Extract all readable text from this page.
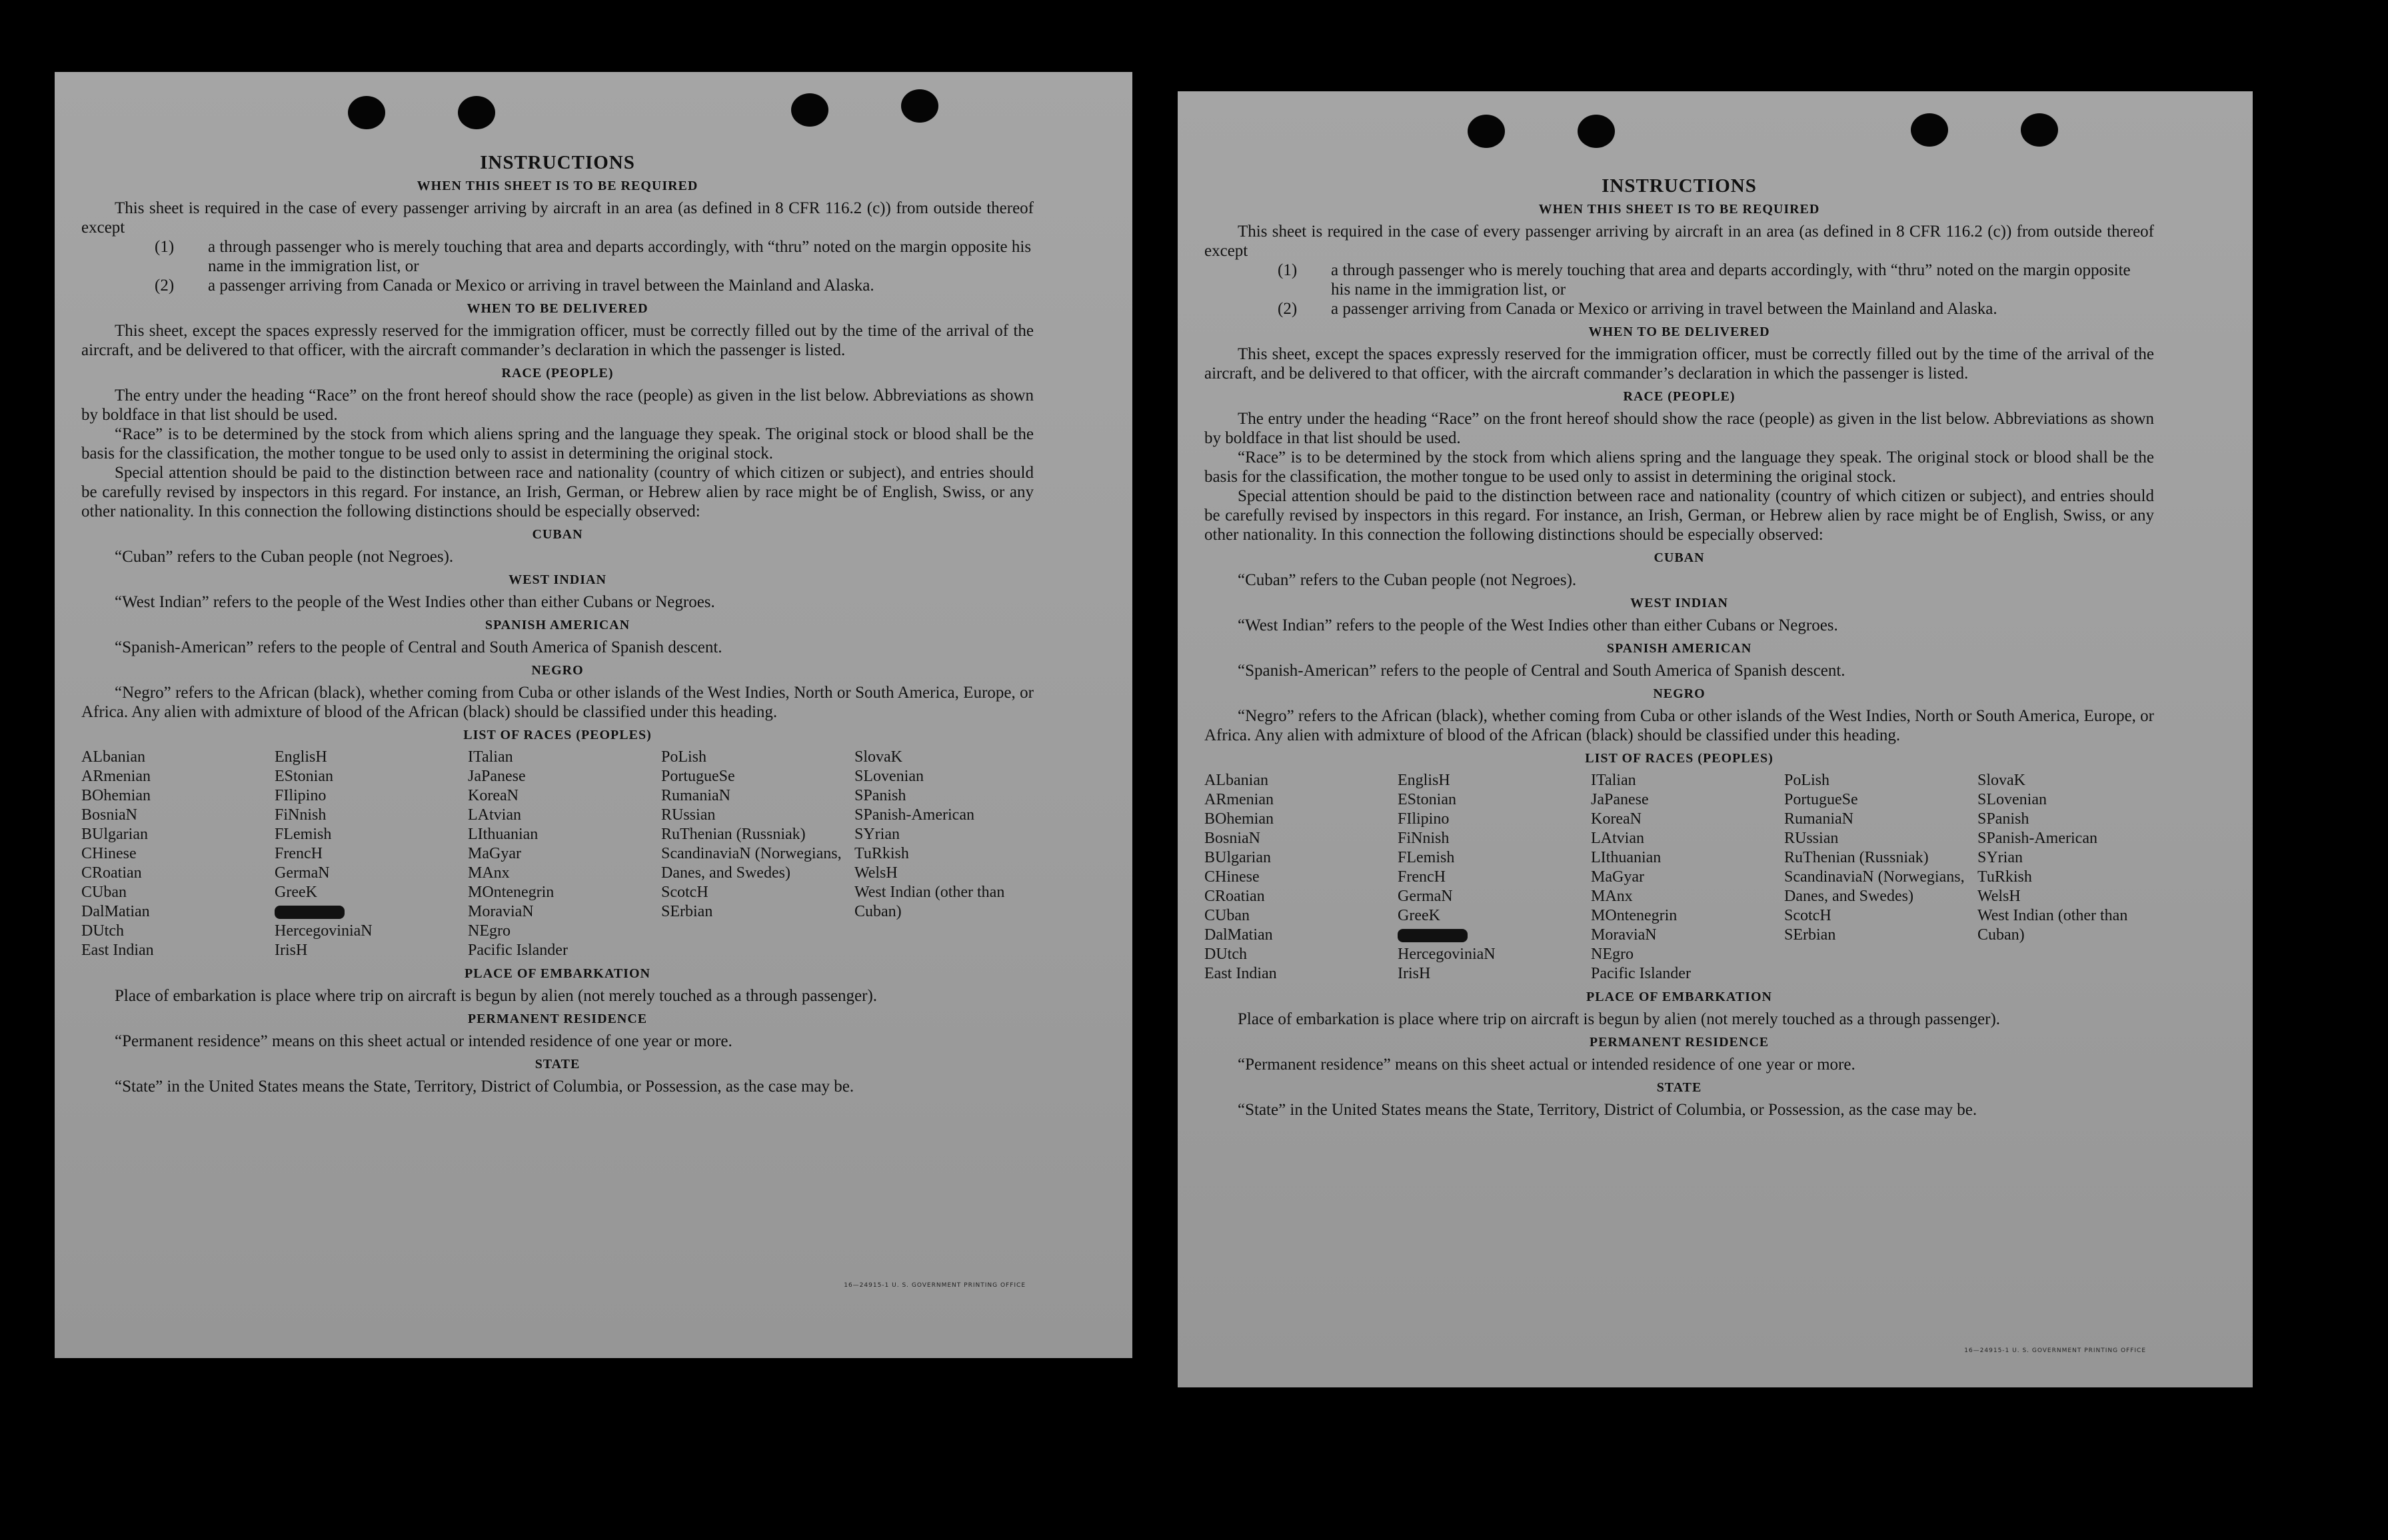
INSTRUCTIONS
WHEN THIS SHEET IS TO BE REQUIRED

This sheet is required in the case of every passenger arriving by aircraft in an area (as defined in 8 CFR 116.2 (c)) from outside thereof except

(1) a through passenger who is merely touching that area and departs accordingly, with “thru” noted on the margin opposite his name in the immigration list, or

(2) a passenger arriving from Canada or Mexico or arriving in travel between the Mainland and Alaska.

WHEN TO BE DELIVERED

This sheet, except the spaces expressly reserved for the immigration officer, must be correctly filled out by the time of the arrival of the aircraft, and be delivered to that officer, with the aircraft commander’s declaration in which the passenger is listed.

RACE (PEOPLE)

The entry under the heading “Race” on the front hereof should show the race (people) as given in the list below. Abbreviations as shown by boldface in that list should be used.

“Race” is to be determined by the stock from which aliens spring and the language they speak. The original stock or blood shall be the basis for the classification, the mother tongue to be used only to assist in determining the original stock.

Special attention should be paid to the distinction between race and nationality (country of which citizen or subject), and entries should be carefully revised by inspectors in this regard. For instance, an Irish, German, or Hebrew alien by race might be of English, Swiss, or any other nationality. In this connection the following distinctions should be especially observed:

CUBAN

“Cuban” refers to the Cuban people (not Negroes).

WEST INDIAN

“West Indian” refers to the people of the West Indies other than either Cubans or Negroes.

SPANISH AMERICAN

“Spanish-American” refers to the people of Central and South America of Spanish descent.

NEGRO

“Negro” refers to the African (black), whether coming from Cuba or other islands of the West Indies, North or South America, Europe, or Africa. Any alien with admixture of blood of the African (black) should be classified under this heading.

LIST OF RACES (PEOPLES)
ALbanian
ARmenian
BOhemian
BosniaN
BUlgarian
CHinese
CRoatian
CUban
DalMatian
DUtch
East Indian
EnglisH
EStonian
FIlipino
FiNnish
FLemish
FrencH
GermaN
GreeK
HercegoviniaN
IrisH
ITalian
JaPanese
KoreaN
LAtvian
LIthuanian
MaGyar
MAnx
MOntenegrin
MoraviaN
NEgro
Pacific Islander
PoLish
PortugueSe
RumaniaN
RUssian
RuThenian (Russniak)
ScandinaviaN (Norwegians, Danes, and Swedes)
ScotcH
SErbian
SlovaK
SLovenian
SPanish
SPanish-American
SYrian
TuRkish
WelsH
West Indian (other than Cuban)
PLACE OF EMBARKATION

Place of embarkation is place where trip on aircraft is begun by alien (not merely touched as a through passenger).

PERMANENT RESIDENCE

“Permanent residence” means on this sheet actual or intended residence of one year or more.

STATE

“State” in the United States means the State, Territory, District of Columbia, or Possession, as the case may be.

16—24915-1 U. S. GOVERNMENT PRINTING OFFICE
INSTRUCTIONS
WHEN THIS SHEET IS TO BE REQUIRED

This sheet is required in the case of every passenger arriving by aircraft in an area (as defined in 8 CFR 116.2 (c)) from outside thereof except

(1) a through passenger who is merely touching that area and departs accordingly, with “thru” noted on the margin opposite his name in the immigration list, or

(2) a passenger arriving from Canada or Mexico or arriving in travel between the Mainland and Alaska.

WHEN TO BE DELIVERED

This sheet, except the spaces expressly reserved for the immigration officer, must be correctly filled out by the time of the arrival of the aircraft, and be delivered to that officer, with the aircraft commander’s declaration in which the passenger is listed.

RACE (PEOPLE)

The entry under the heading “Race” on the front hereof should show the race (people) as given in the list below. Abbreviations as shown by boldface in that list should be used.

“Race” is to be determined by the stock from which aliens spring and the language they speak. The original stock or blood shall be the basis for the classification, the mother tongue to be used only to assist in determining the original stock.

Special attention should be paid to the distinction between race and nationality (country of which citizen or subject), and entries should be carefully revised by inspectors in this regard. For instance, an Irish, German, or Hebrew alien by race might be of English, Swiss, or any other nationality. In this connection the following distinctions should be especially observed:

CUBAN

“Cuban” refers to the Cuban people (not Negroes).

WEST INDIAN

“West Indian” refers to the people of the West Indies other than either Cubans or Negroes.

SPANISH AMERICAN

“Spanish-American” refers to the people of Central and South America of Spanish descent.

NEGRO

“Negro” refers to the African (black), whether coming from Cuba or other islands of the West Indies, North or South America, Europe, or Africa. Any alien with admixture of blood of the African (black) should be classified under this heading.

LIST OF RACES (PEOPLES)
ALbanian
ARmenian
BOhemian
BosniaN
BUlgarian
CHinese
CRoatian
CUban
DalMatian
DUtch
East Indian
EnglisH
EStonian
FIlipino
FiNnish
FLemish
FrencH
GermaN
GreeK
HercegoviniaN
IrisH
ITalian
JaPanese
KoreaN
LAtvian
LIthuanian
MaGyar
MAnx
MOntenegrin
MoraviaN
NEgro
Pacific Islander
PoLish
PortugueSe
RumaniaN
RUssian
RuThenian (Russniak)
ScandinaviaN (Norwegians, Danes, and Swedes)
ScotcH
SErbian
SlovaK
SLovenian
SPanish
SPanish-American
SYrian
TuRkish
WelsH
West Indian (other than Cuban)
PLACE OF EMBARKATION

Place of embarkation is place where trip on aircraft is begun by alien (not merely touched as a through passenger).

PERMANENT RESIDENCE

“Permanent residence” means on this sheet actual or intended residence of one year or more.

STATE

“State” in the United States means the State, Territory, District of Columbia, or Possession, as the case may be.

16—24915-1 U. S. GOVERNMENT PRINTING OFFICE
